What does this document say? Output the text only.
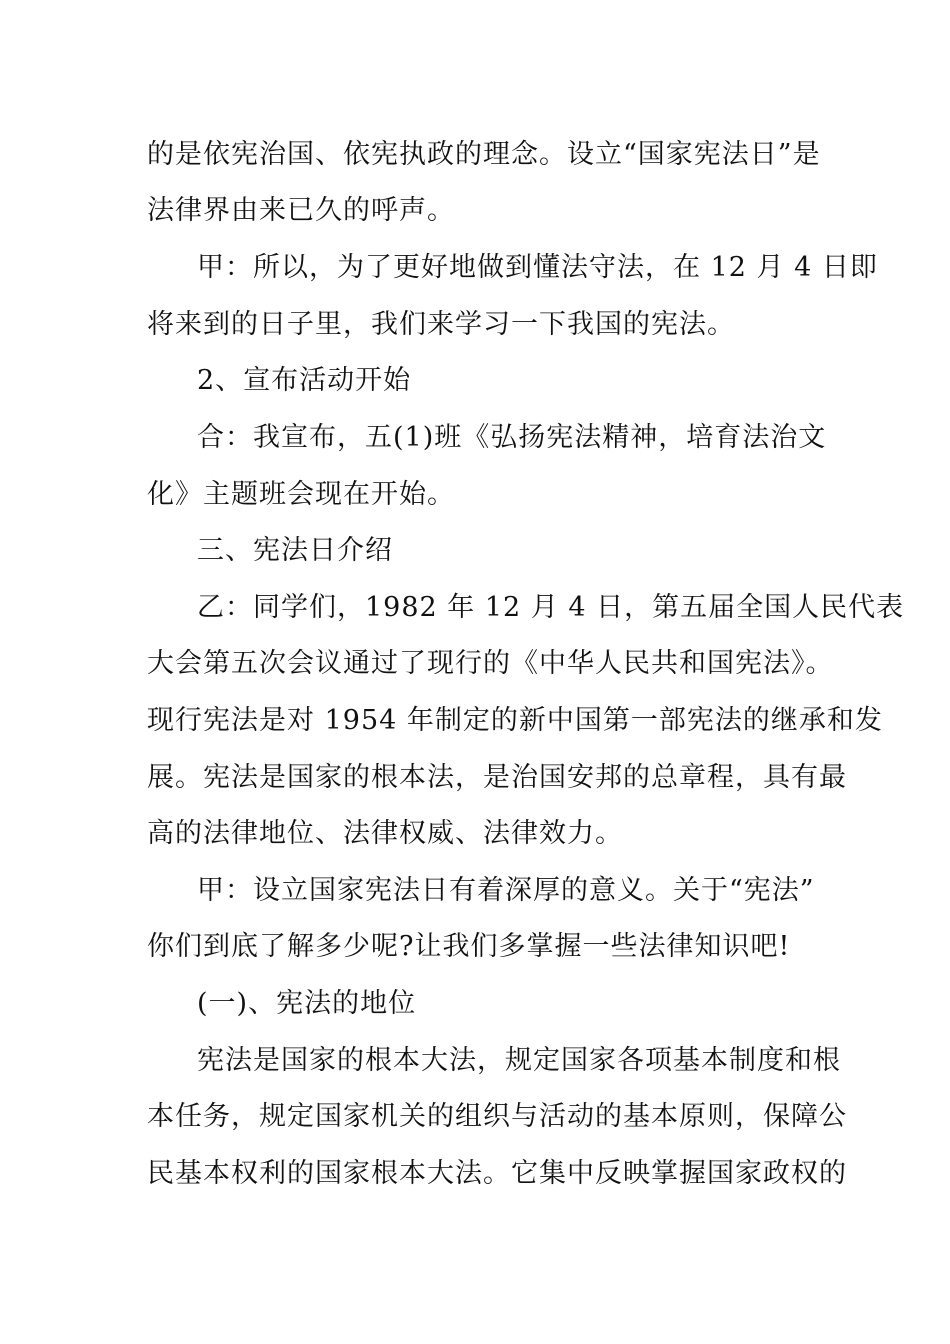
的是依宪治国、依宪执政的理念。设立“国家宪法日”是
法律界由来已久的呼声。
甲：所以，为了更好地做到懂法守法，在 12 月 4 日即
将来到的日子里，我们来学习一下我国的宪法。
2、宣布活动开始
合：我宣布，五(1)班《弘扬宪法精神，培育法治文
化》主题班会现在开始。
三、宪法日介绍
乙：同学们，1982 年 12 月 4 日，第五届全国人民代表
大会第五次会议通过了现行的《中华人民共和国宪法》。
现行宪法是对 1954 年制定的新中国第一部宪法的继承和发
展。宪法是国家的根本法，是治国安邦的总章程，具有最
高的法律地位、法律权威、法律效力。
甲：设立国家宪法日有着深厚的意义。关于“宪法”
你们到底了解多少呢?让我们多掌握一些法律知识吧!
(一)、宪法的地位
宪法是国家的根本大法，规定国家各项基本制度和根
本任务，规定国家机关的组织与活动的基本原则，保障公
民基本权利的国家根本大法。它集中反映掌握国家政权的
